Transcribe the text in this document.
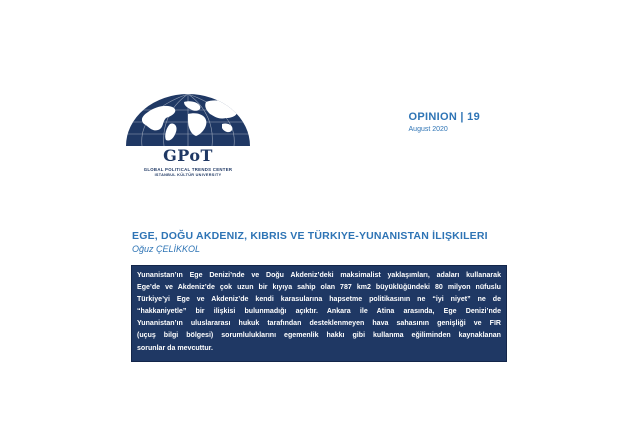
GPoT
GLOBAL POLITICAL TRENDS CENTER
ISTANBUL KÜLTÜR UNIVERSITY
OPINION | 19
August 2020
EGE, DOĞU AKDENIZ, KIBRIS VE TÜRKIYE-YUNANISTAN İLIŞKILERI
Oğuz ÇELİKKOL

Yunanistan’ın Ege Denizi’nde ve Doğu Akdeniz’deki maksimalist yaklaşımları, adaları kullanarak
Ege’de ve Akdeniz’de çok uzun bir kıyıya sahip olan 787 km2 büyüklüğündeki 80 milyon nüfuslu
Türkiye’yi Ege ve Akdeniz’de kendi karasularına hapsetme politikasının ne “iyi niyet” ne de
“hakkaniyetle” bir ilişkisi bulunmadığı açıktır. Ankara ile Atina arasında, Ege Denizi’nde
Yunanistan’ın uluslararası hukuk tarafından desteklenmeyen hava sahasının genişliği ve FIR
(uçuş bilgi bölgesi) sorumluluklarını egemenlik hakkı gibi kullanma eğiliminden kaynaklanan
sorunlar da mevcuttur.
